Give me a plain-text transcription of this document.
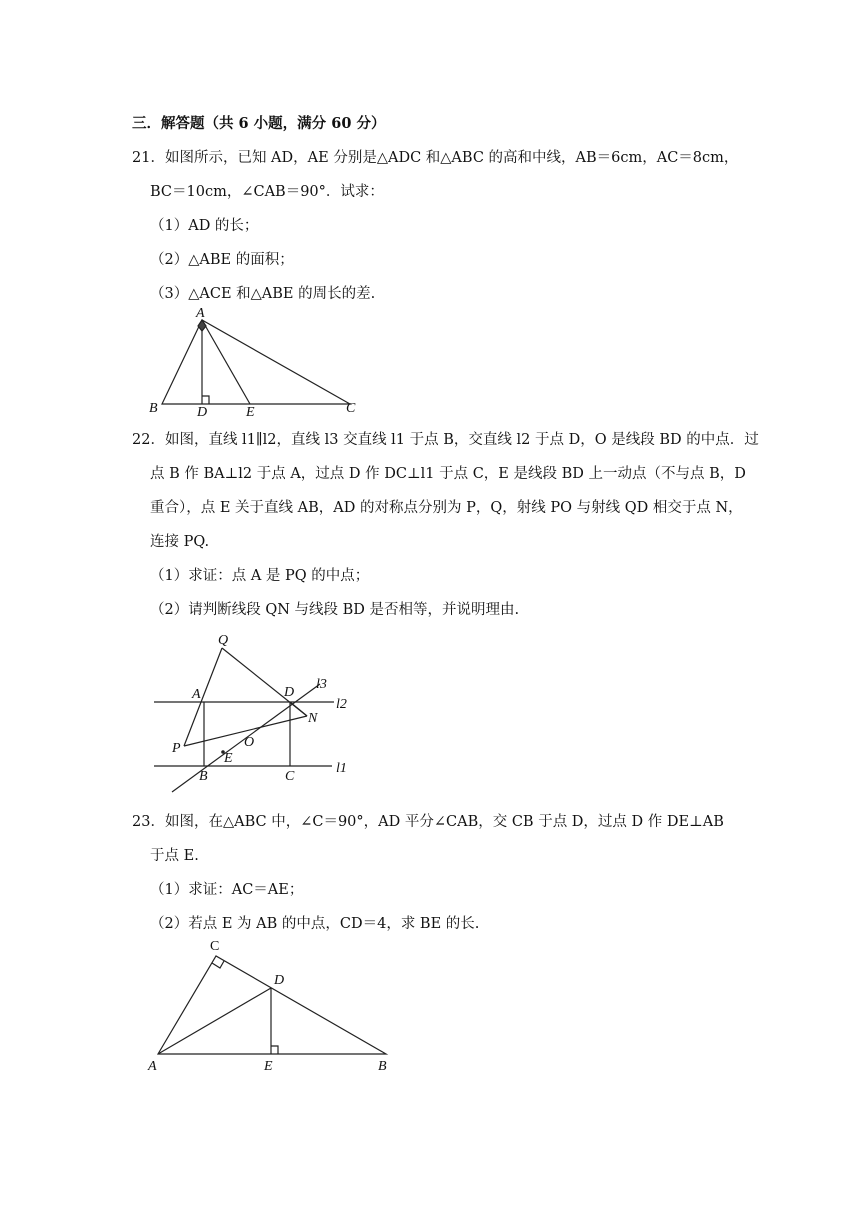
三．解答题（共 6 小题，满分 60 分）
21．如图所示，已知 AD，AE 分别是△ADC 和△ABC 的高和中线，AB＝6cm，AC＝8cm，
BC＝10cm，∠CAB＝90°．试求：
（1）AD 的长；
（2）△ABE 的面积；
（3）△ACE 和△ABE 的周长的差.
A
B	D	E	C
22．如图，直线 l1∥l2，直线 l3 交直线 l1 于点 B，交直线 l2 于点 D，O 是线段 BD 的中点．过
点 B 作 BA⊥l2 于点 A，过点 D 作 DC⊥l1 于点 C，E 是线段 BD 上一动点（不与点 B，D
重合），点 E 关于直线 AB，AD 的对称点分别为 P，Q，射线 PO 与射线 QD 相交于点 N，
连接 PQ.
（1）求证：点 A 是 PQ 的中点；
（2）请判断线段 QN 与线段 BD 是否相等，并说明理由.
Q
A	D
l3
l2
N
P	O
E
B	C
l1
23．如图，在△ABC 中，∠C＝90°，AD 平分∠CAB，交 CB 于点 D，过点 D 作 DE⊥AB
于点 E.
（1）求证：AC＝AE；
（2）若点 E 为 AB 的中点，CD＝4，求 BE 的长.
C
D
A	E	B
